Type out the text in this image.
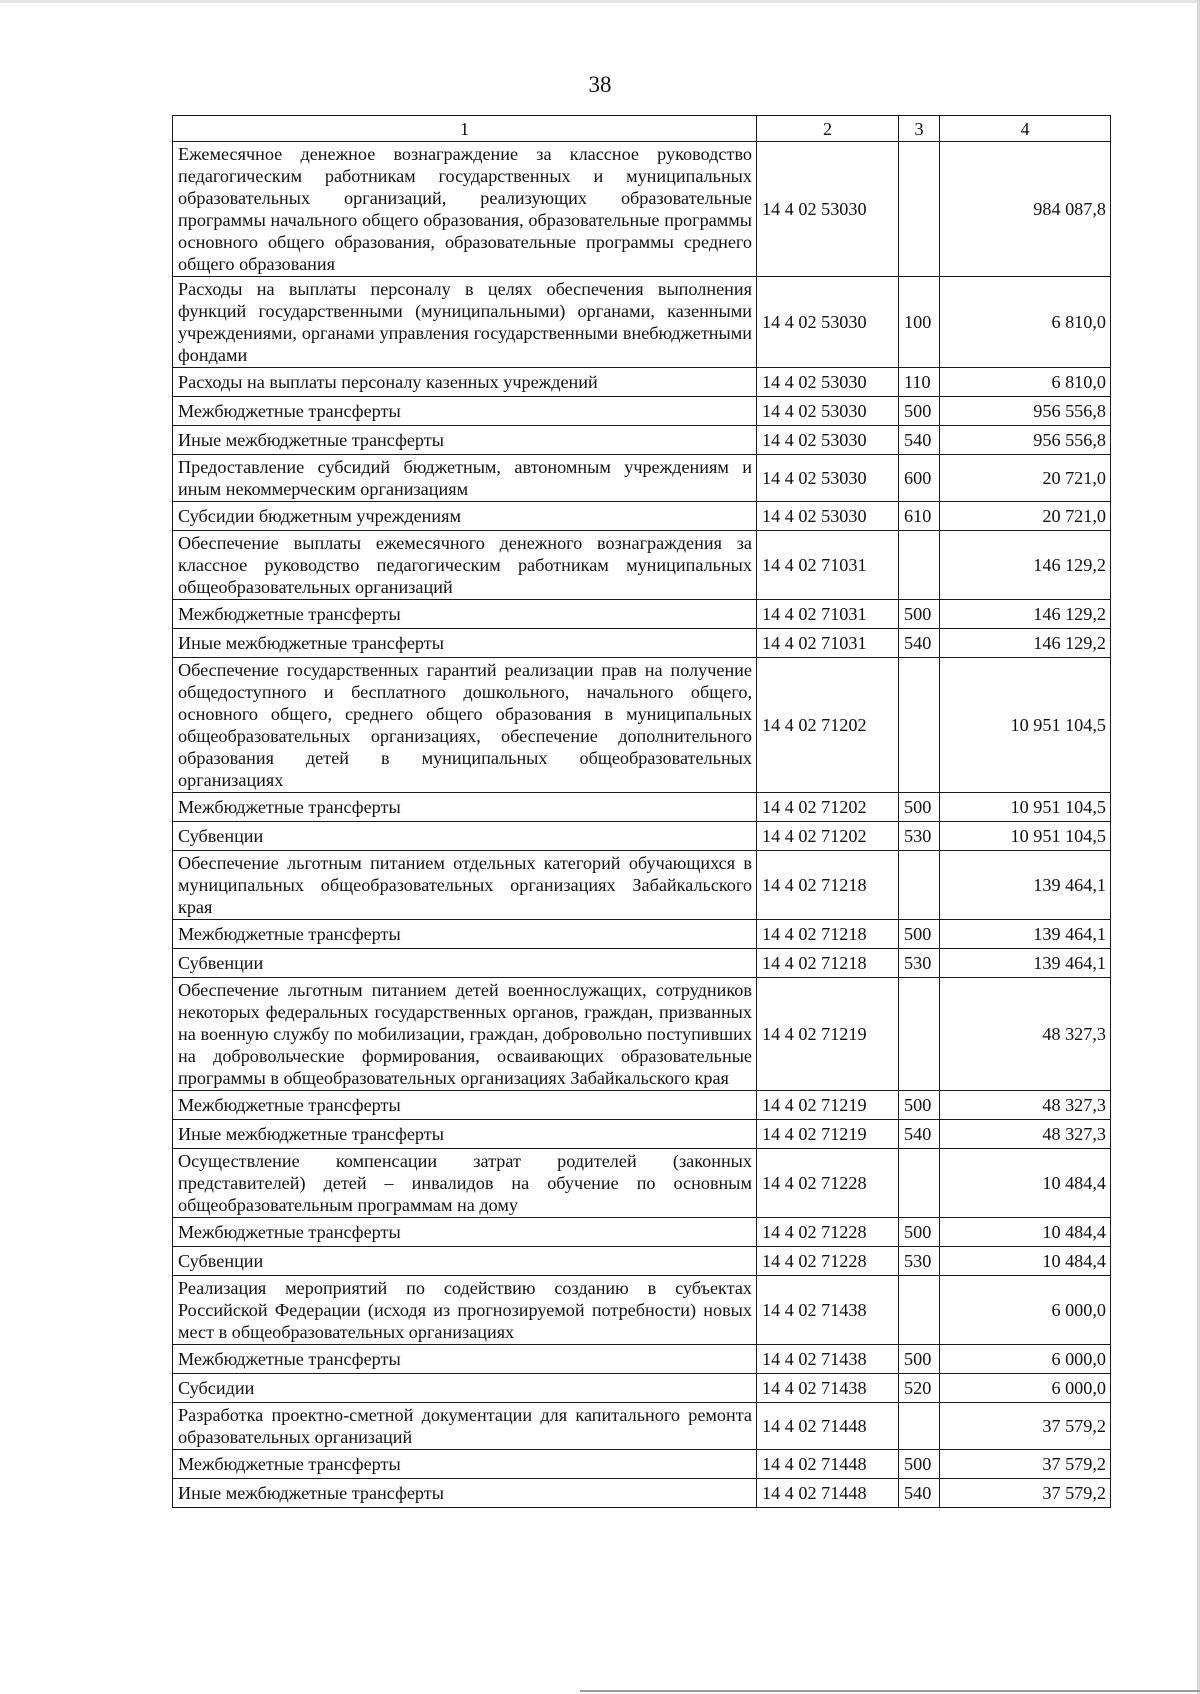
38
1	2	3	4
Ежемесячное денежное вознаграждение за классное руководство педагогическим работникам государственных и муниципальных образовательных организаций, реализующих образовательные программы начального общего образования, образовательные программы основного общего образования, образовательные программы среднего общего образования	14 4 02 53030		984 087,8
Расходы на выплаты персоналу в целях обеспечения выполнения функций государственными (муниципальными) органами, казенными учреждениями, органами управления государственными внебюджетными фондами	14 4 02 53030	100	6 810,0
Расходы на выплаты персоналу казенных учреждений	14 4 02 53030	110	6 810,0
Межбюджетные трансферты	14 4 02 53030	500	956 556,8
Иные межбюджетные трансферты	14 4 02 53030	540	956 556,8
Предоставление субсидий бюджетным, автономным учреждениям и иным некоммерческим организациям	14 4 02 53030	600	20 721,0
Субсидии бюджетным учреждениям	14 4 02 53030	610	20 721,0
Обеспечение выплаты ежемесячного денежного вознаграждения за классное руководство педагогическим работникам муниципальных общеобразовательных организаций	14 4 02 71031		146 129,2
Межбюджетные трансферты	14 4 02 71031	500	146 129,2
Иные межбюджетные трансферты	14 4 02 71031	540	146 129,2
Обеспечение государственных гарантий реализации прав на получение общедоступного и бесплатного дошкольного, начального общего, основного общего, среднего общего образования в муниципальных общеобразовательных организациях, обеспечение дополнительного образования детей в муниципальных общеобразовательных организациях	14 4 02 71202		10 951 104,5
Межбюджетные трансферты	14 4 02 71202	500	10 951 104,5
Субвенции	14 4 02 71202	530	10 951 104,5
Обеспечение льготным питанием отдельных категорий обучающихся в муниципальных общеобразовательных организациях Забайкальского края	14 4 02 71218		139 464,1
Межбюджетные трансферты	14 4 02 71218	500	139 464,1
Субвенции	14 4 02 71218	530	139 464,1
Обеспечение льготным питанием детей военнослужащих, сотрудников некоторых федеральных государственных органов, граждан, призванных на военную службу по мобилизации, граждан, добровольно поступивших на добровольческие формирования, осваивающих образовательные программы в общеобразовательных организациях Забайкальского края	14 4 02 71219		48 327,3
Межбюджетные трансферты	14 4 02 71219	500	48 327,3
Иные межбюджетные трансферты	14 4 02 71219	540	48 327,3
Осуществление компенсации затрат родителей (законных представителей) детей – инвалидов на обучение по основным общеобразовательным программам на дому	14 4 02 71228		10 484,4
Межбюджетные трансферты	14 4 02 71228	500	10 484,4
Субвенции	14 4 02 71228	530	10 484,4
Реализация мероприятий по содействию созданию в субъектах Российской Федерации (исходя из прогнозируемой потребности) новых мест в общеобразовательных организациях	14 4 02 71438		6 000,0
Межбюджетные трансферты	14 4 02 71438	500	6 000,0
Субсидии	14 4 02 71438	520	6 000,0
Разработка проектно-сметной документации для капитального ремонта образовательных организаций	14 4 02 71448		37 579,2
Межбюджетные трансферты	14 4 02 71448	500	37 579,2
Иные межбюджетные трансферты	14 4 02 71448	540	37 579,2
